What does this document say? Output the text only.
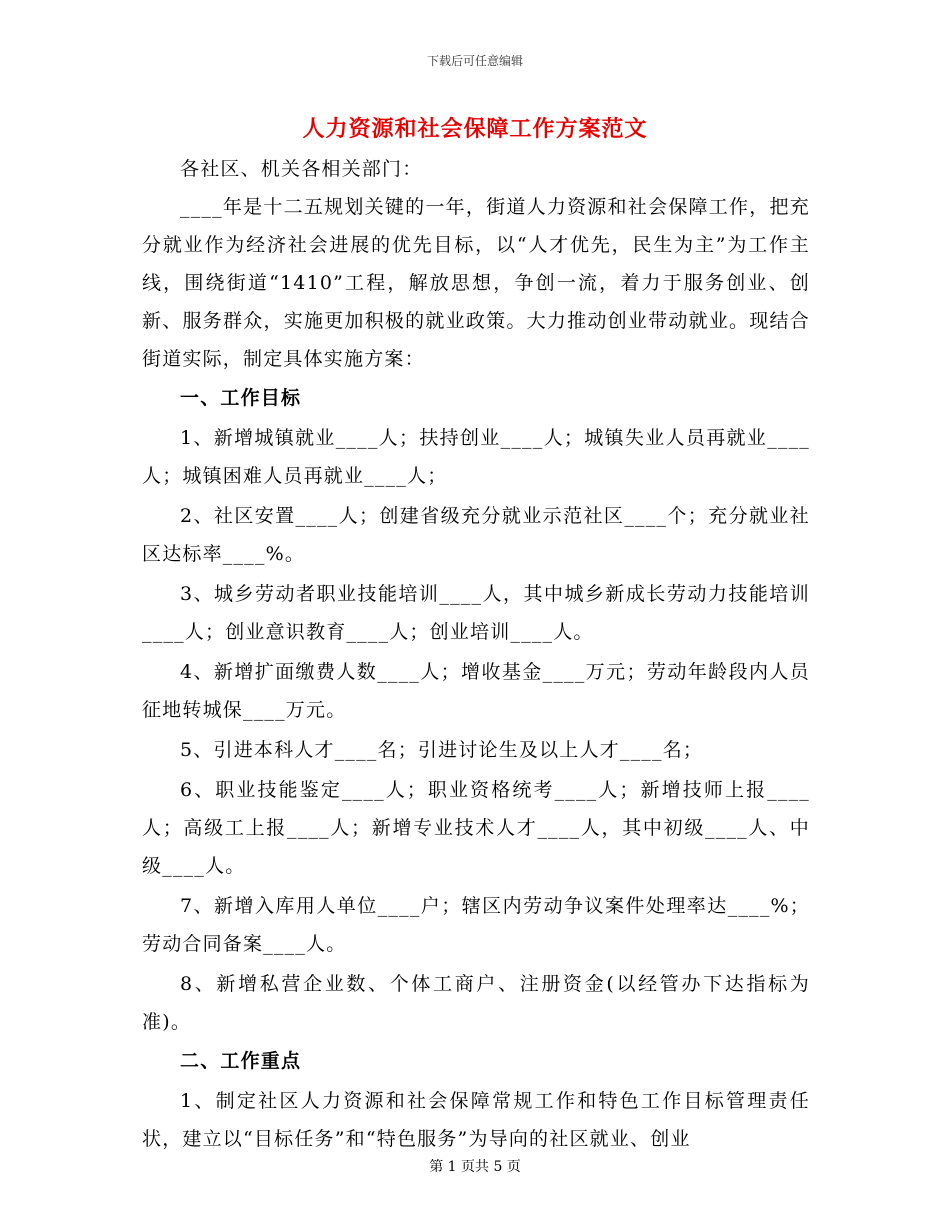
下载后可任意编辑
人力资源和社会保障工作方案范文

各社区、机关各相关部门：

____年是十二五规划关键的一年，街道人力资源和社会保障工作，把充分就业作为经济社会进展的优先目标，以“人才优先，民生为主”为工作主线，围绕街道“1410”工程，解放思想，争创一流，着力于服务创业、创新、服务群众，实施更加积极的就业政策。大力推动创业带动就业。现结合街道实际，制定具体实施方案：

一、工作目标

1、新增城镇就业____人；扶持创业____人；城镇失业人员再就业____人；城镇困难人员再就业____人；

2、社区安置____人；创建省级充分就业示范社区____个；充分就业社区达标率____%。

3、城乡劳动者职业技能培训____人，其中城乡新成长劳动力技能培训____人；创业意识教育____人；创业培训____人。

4、新增扩面缴费人数____人；增收基金____万元；劳动年龄段内人员征地转城保____万元。

5、引进本科人才____名；引进讨论生及以上人才____名；

6、职业技能鉴定____人；职业资格统考____人；新增技师上报____人；高级工上报____人；新增专业技术人才____人，其中初级____人、中级____人。

7、新增入库用人单位____户；辖区内劳动争议案件处理率达____%；劳动合同备案____人。

8、新增私营企业数、个体工商户、注册资金(以经管办下达指标为准)。

二、工作重点

1、制定社区人力资源和社会保障常规工作和特色工作目标管理责任状，建立以“目标任务”和“特色服务”为导向的社区就业、创业

第 1 页共 5 页
